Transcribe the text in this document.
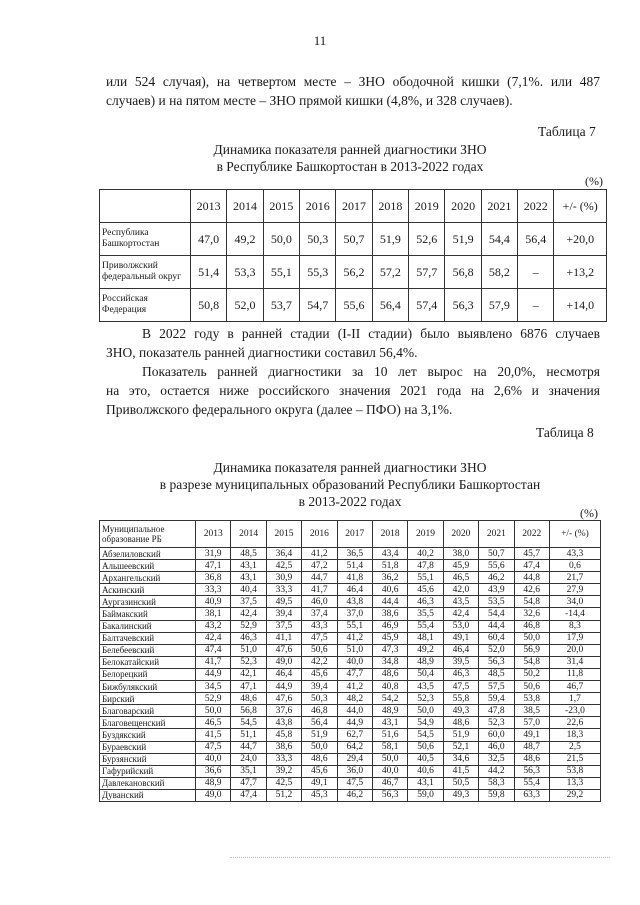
11
или 524 случая), на четвертом месте – ЗНО ободочной кишки (7,1%. или 487
случаев) и на пятом месте – ЗНО прямой кишки (4,8%, и 328 случаев).
Таблица 7
Динамика показателя ранней диагностики ЗНО
в Республике Башкортостан в 2013-2022 годах
(%)
	2013	2014	2015	2016	2017	2018	2019	2020	2021	2022	+/- (%)
Республика Башкортостан	47,0	49,2	50,0	50,3	50,7	51,9	52,6	51,9	54,4	56,4	+20,0
Приволжский федеральный округ	51,4	53,3	55,1	55,3	56,2	57,2	57,7	56,8	58,2	–	+13,2
Российская Федерация	50,8	52,0	53,7	54,7	55,6	56,4	57,4	56,3	57,9	–	+14,0
В 2022 году в ранней стадии (I-II стадии) было выявлено 6876 случаев
ЗНО, показатель ранней диагностики составил 56,4%.
Показатель ранней диагностики за 10 лет вырос на 20,0%, несмотря
на это, остается ниже российского значения 2021 года на 2,6% и значения
Приволжского федерального округа (далее – ПФО) на 3,1%.
Таблица 8
Динамика показателя ранней диагностики ЗНО
в разрезе муниципальных образований Республики Башкортостан
в 2013-2022 годах
(%)
Муниципальное образование РБ	2013	2014	2015	2016	2017	2018	2019	2020	2021	2022	+/- (%)
Абзелиловский	31,9	48,5	36,4	41,2	36,5	43,4	40,2	38,0	50,7	45,7	43,3
Альшеевский	47,1	43,1	42,5	47,2	51,4	51,8	47,8	45,9	55,6	47,4	0,6
Архангельский	36,8	43,1	30,9	44,7	41,8	36,2	55,1	46,5	46,2	44,8	21,7
Аскинский	33,3	40,4	33,3	41,7	46,4	40,6	45,6	42,0	43,9	42,6	27,9
Аургазинский	40,9	37,5	49,5	46,0	43,8	44,4	46,3	43,5	53,5	54,8	34,0
Баймакский	38,1	42,4	39,4	37,4	37,0	38,6	35,5	42,4	54,4	32,6	-14,4
Бакалинский	43,2	52,9	37,5	43,3	55,1	46,9	55,4	53,0	44,4	46,8	8,3
Балтачевский	42,4	46,3	41,1	47,5	41,2	45,9	48,1	49,1	60,4	50,0	17,9
Белебеевский	47,4	51,0	47,6	50,6	51,0	47,3	49,2	46,4	52,0	56,9	20,0
Белокатайский	41,7	52,3	49,0	42,2	40,0	34,8	48,9	39,5	56,3	54,8	31,4
Белорецкий	44,9	42,1	46,4	45,6	47,7	48,6	50,4	46,3	48,5	50,2	11,8
Бижбулякский	34,5	47,1	44,9	39,4	41,2	40,8	43,5	47,5	57,5	50,6	46,7
Бирский	52,9	48,6	47,6	50,3	48,2	54,2	52,3	55,8	59,4	53,8	1,7
Благоварский	50,0	56,8	37,6	46,8	44,0	48,9	50,0	49,3	47,8	38,5	-23,0
Благовещенский	46,5	54,5	43,8	56,4	44,9	43,1	54,9	48,6	52,3	57,0	22,6
Буздякский	41,5	51,1	45,8	51,9	62,7	51,6	54,5	51,9	60,0	49,1	18,3
Бураевский	47,5	44,7	38,6	50,0	64,2	58,1	50,6	52,1	46,0	48,7	2,5
Бурзянский	40,0	24,0	33,3	48,6	29,4	50,0	40,5	34,6	32,5	48,6	21,5
Гафурийский	36,6	35,1	39,2	45,6	36,0	40,0	40,6	41,5	44,2	56,3	53,8
Давлекановский	48,9	47,7	42,5	49,1	47,5	46,7	43,1	50,5	58,3	55,4	13,3
Дуванский	49,0	47,4	51,2	45,3	46,2	56,3	59,0	49,3	59,8	63,3	29,2
